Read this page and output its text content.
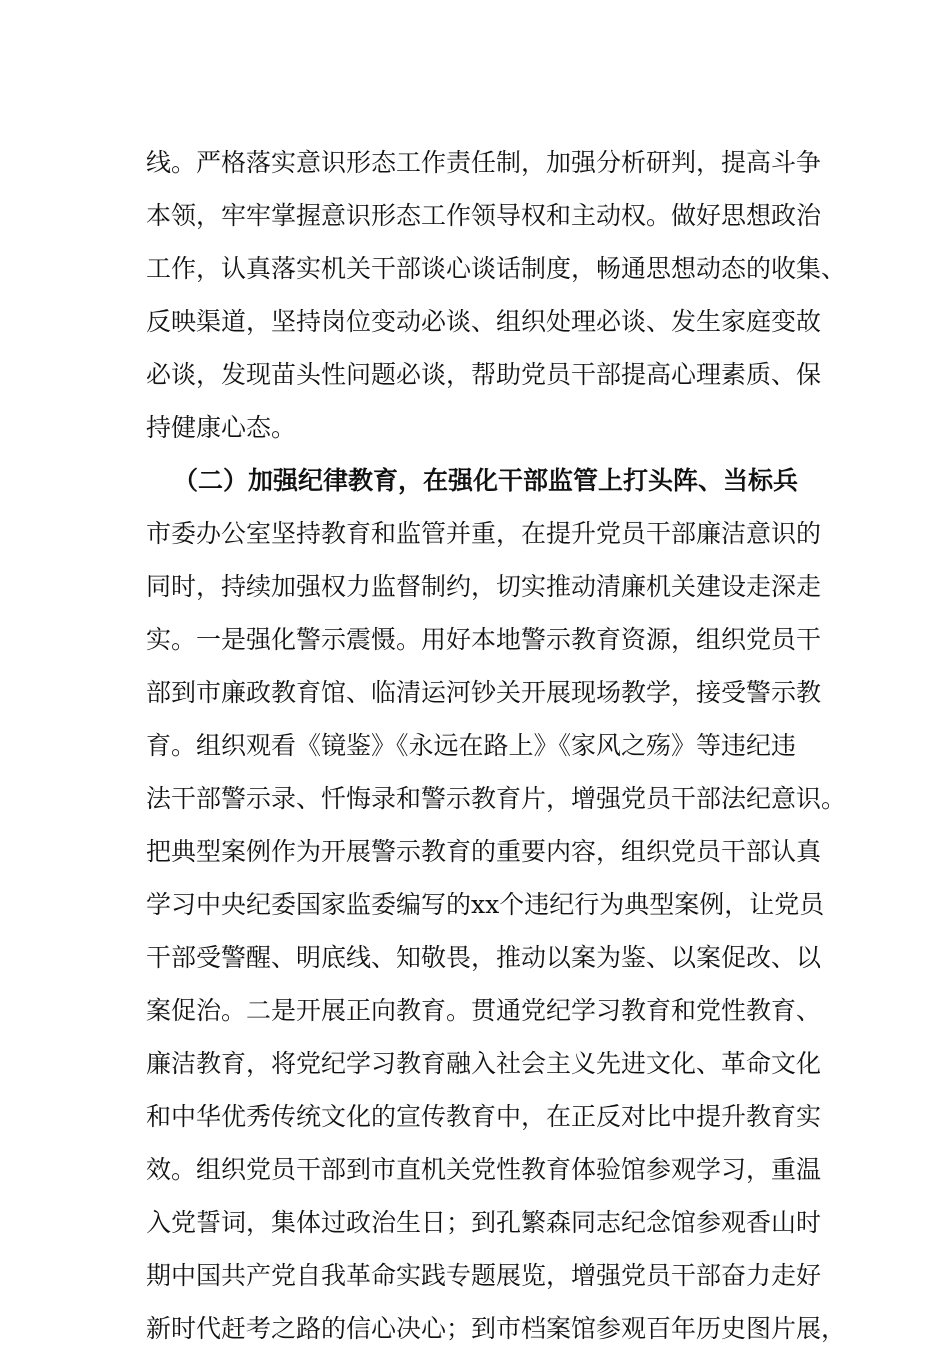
线。严格落实意识形态工作责任制，加强分析研判，提高斗争
本领，牢牢掌握意识形态工作领导权和主动权。做好思想政治
工作，认真落实机关干部谈心谈话制度，畅通思想动态的收集、
反映渠道，坚持岗位变动必谈、组织处理必谈、发生家庭变故
必谈，发现苗头性问题必谈，帮助党员干部提高心理素质、保
持健康心态。
（二）加强纪律教育，在强化干部监管上打头阵、当标兵
市委办公室坚持教育和监管并重，在提升党员干部廉洁意识的
同时，持续加强权力监督制约，切实推动清廉机关建设走深走
实。一是强化警示震慑。用好本地警示教育资源，组织党员干
部到市廉政教育馆、临清运河钞关开展现场教学，接受警示教
育。组织观看《镜鉴》《永远在路上》《家风之殇》等违纪违
法干部警示录、忏悔录和警示教育片，增强党员干部法纪意识。
把典型案例作为开展警示教育的重要内容，组织党员干部认真
学习中央纪委国家监委编写的xx个违纪行为典型案例，让党员
干部受警醒、明底线、知敬畏，推动以案为鉴、以案促改、以
案促治。二是开展正向教育。贯通党纪学习教育和党性教育、
廉洁教育，将党纪学习教育融入社会主义先进文化、革命文化
和中华优秀传统文化的宣传教育中，在正反对比中提升教育实
效。组织党员干部到市直机关党性教育体验馆参观学习，重温
入党誓词，集体过政治生日；到孔繁森同志纪念馆参观香山时
期中国共产党自我革命实践专题展览，增强党员干部奋力走好
新时代赶考之路的信心决心；到市档案馆参观百年历史图片展，
